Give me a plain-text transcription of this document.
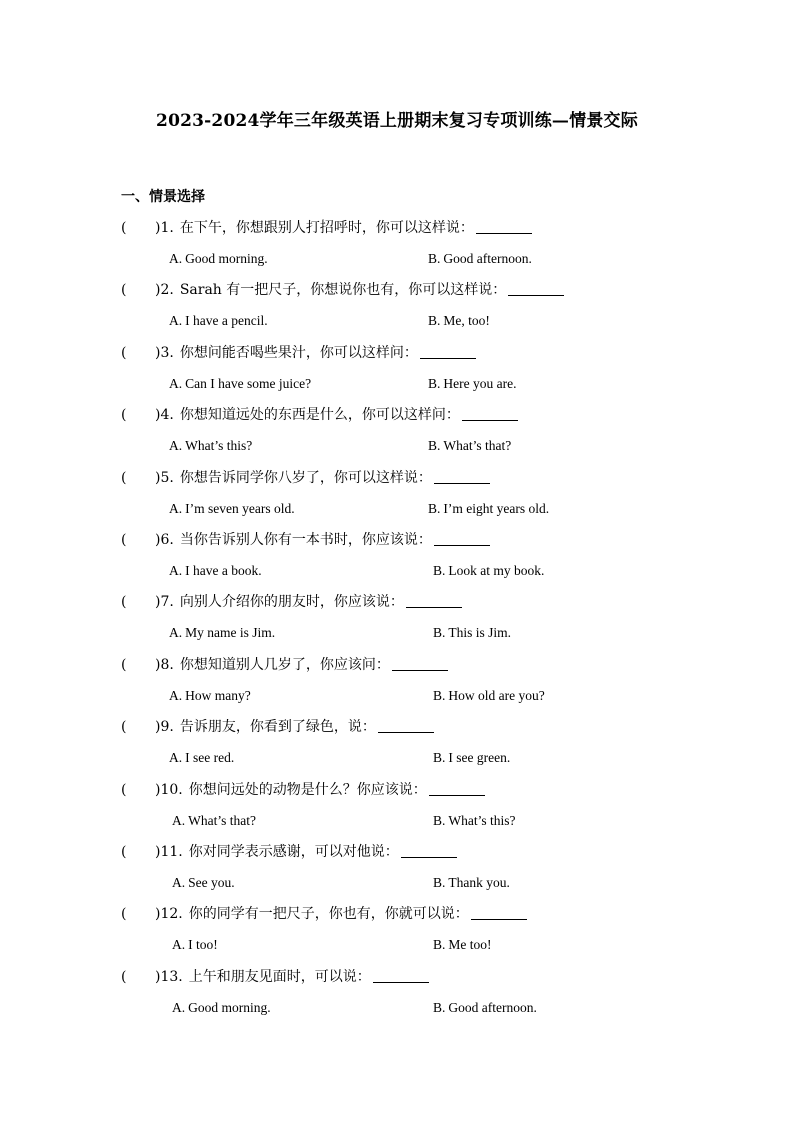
2023-2024学年三年级英语上册期末复习专项训练—情景交际
一、情景选择
( )1. 在下午，你想跟别人打招呼时，你可以这样说：
A. Good morning.	B. Good afternoon.
( )2. Sarah 有一把尺子，你想说你也有，你可以这样说：
A. I have a pencil.	B. Me, too!
( )3. 你想问能否喝些果汁，你可以这样问：
A. Can I have some juice?	B. Here you are.
( )4. 你想知道远处的东西是什么，你可以这样问：
A. What’s this?	B. What’s that?
( )5. 你想告诉同学你八岁了，你可以这样说：
A. I’m seven years old.	B. I’m eight years old.
( )6. 当你告诉别人你有一本书时，你应该说：
A. I have a book.	B. Look at my book.
( )7. 向别人介绍你的朋友时，你应该说：
A. My name is Jim.	B. This is Jim.
( )8. 你想知道别人几岁了，你应该问：
A. How many?	B. How old are you?
( )9. 告诉朋友，你看到了绿色，说：
A. I see red.	B. I see green.
( )10. 你想问远处的动物是什么？你应该说：
A. What’s that?	B. What’s this?
( )11. 你对同学表示感谢，可以对他说：
A. See you.	B. Thank you.
( )12. 你的同学有一把尺子，你也有，你就可以说：
A. I too!	B. Me too!
( )13. 上午和朋友见面时，可以说：
A. Good morning.	B. Good afternoon.
